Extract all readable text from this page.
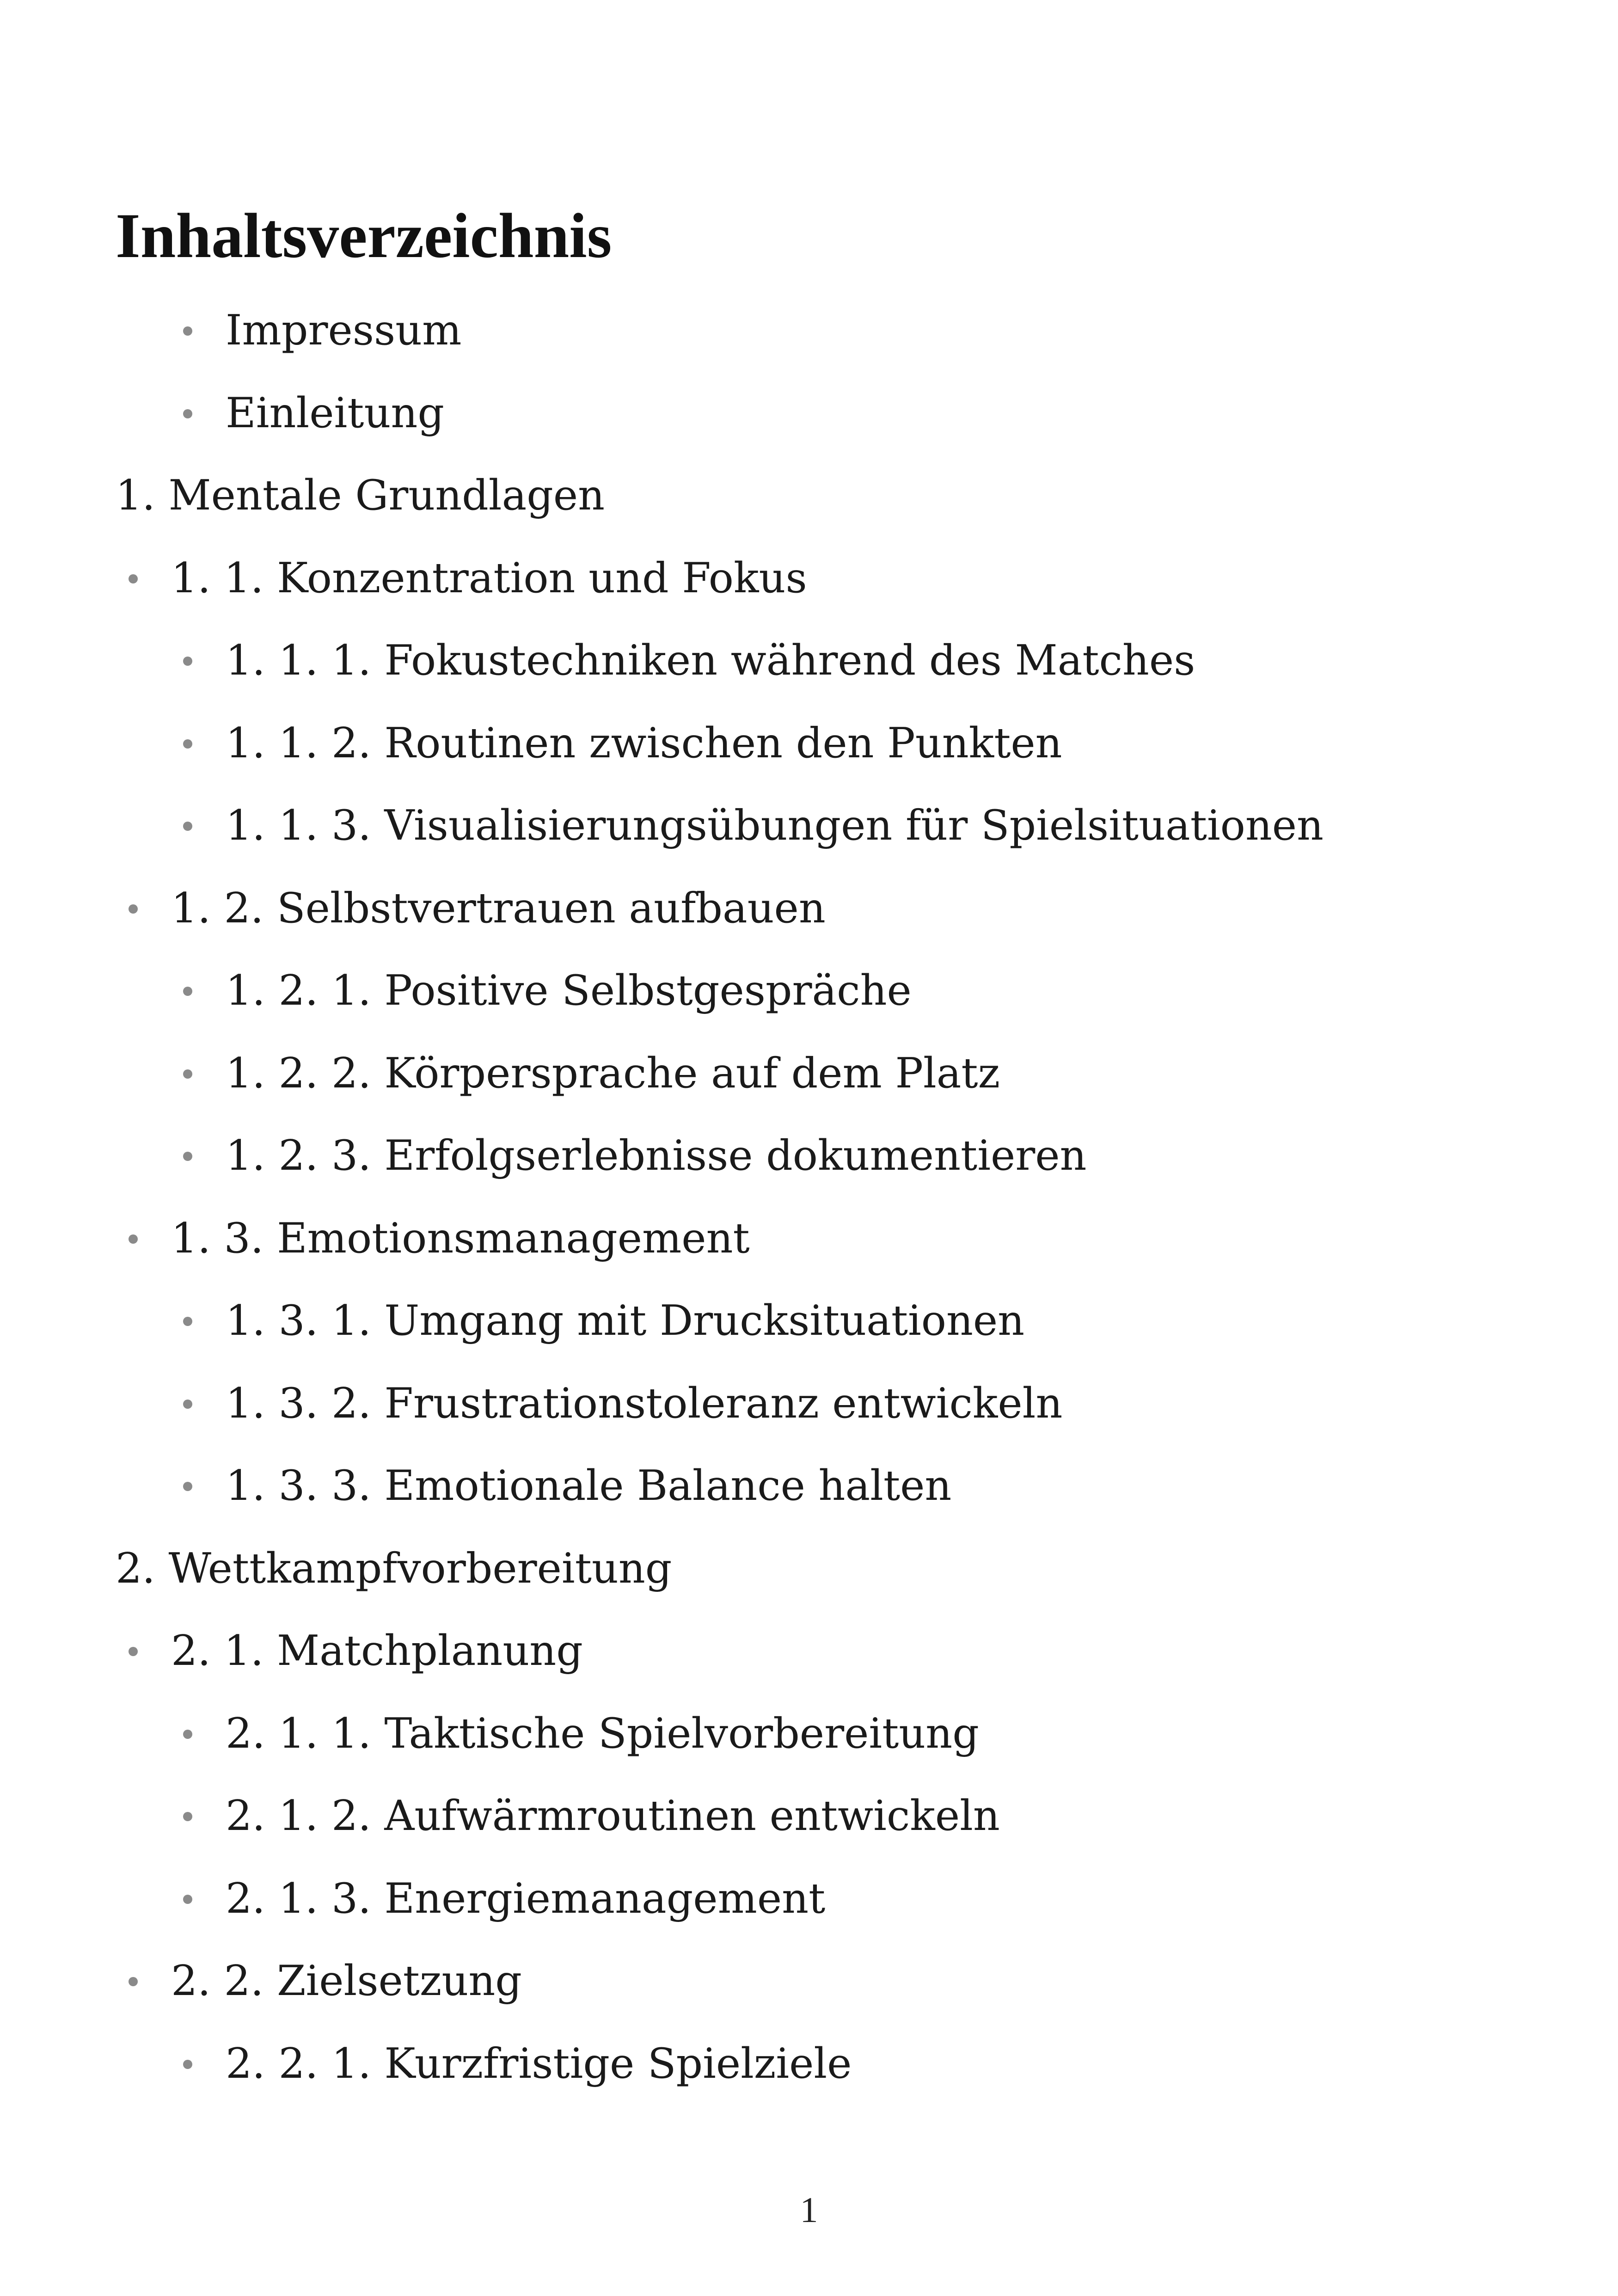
Inhaltsverzeichnis
Impressum
Einleitung
1. Mentale Grundlagen
1. 1. Konzentration und Fokus
1. 1. 1. Fokustechniken während des Matches
1. 1. 2. Routinen zwischen den Punkten
1. 1. 3. Visualisierungsübungen für Spielsituationen
1. 2. Selbstvertrauen aufbauen
1. 2. 1. Positive Selbstgespräche
1. 2. 2. Körpersprache auf dem Platz
1. 2. 3. Erfolgserlebnisse dokumentieren
1. 3. Emotionsmanagement
1. 3. 1. Umgang mit Drucksituationen
1. 3. 2. Frustrationstoleranz entwickeln
1. 3. 3. Emotionale Balance halten
2. Wettkampfvorbereitung
2. 1. Matchplanung
2. 1. 1. Taktische Spielvorbereitung
2. 1. 2. Aufwärmroutinen entwickeln
2. 1. 3. Energiemanagement
2. 2. Zielsetzung
2. 2. 1. Kurzfristige Spielziele
1
